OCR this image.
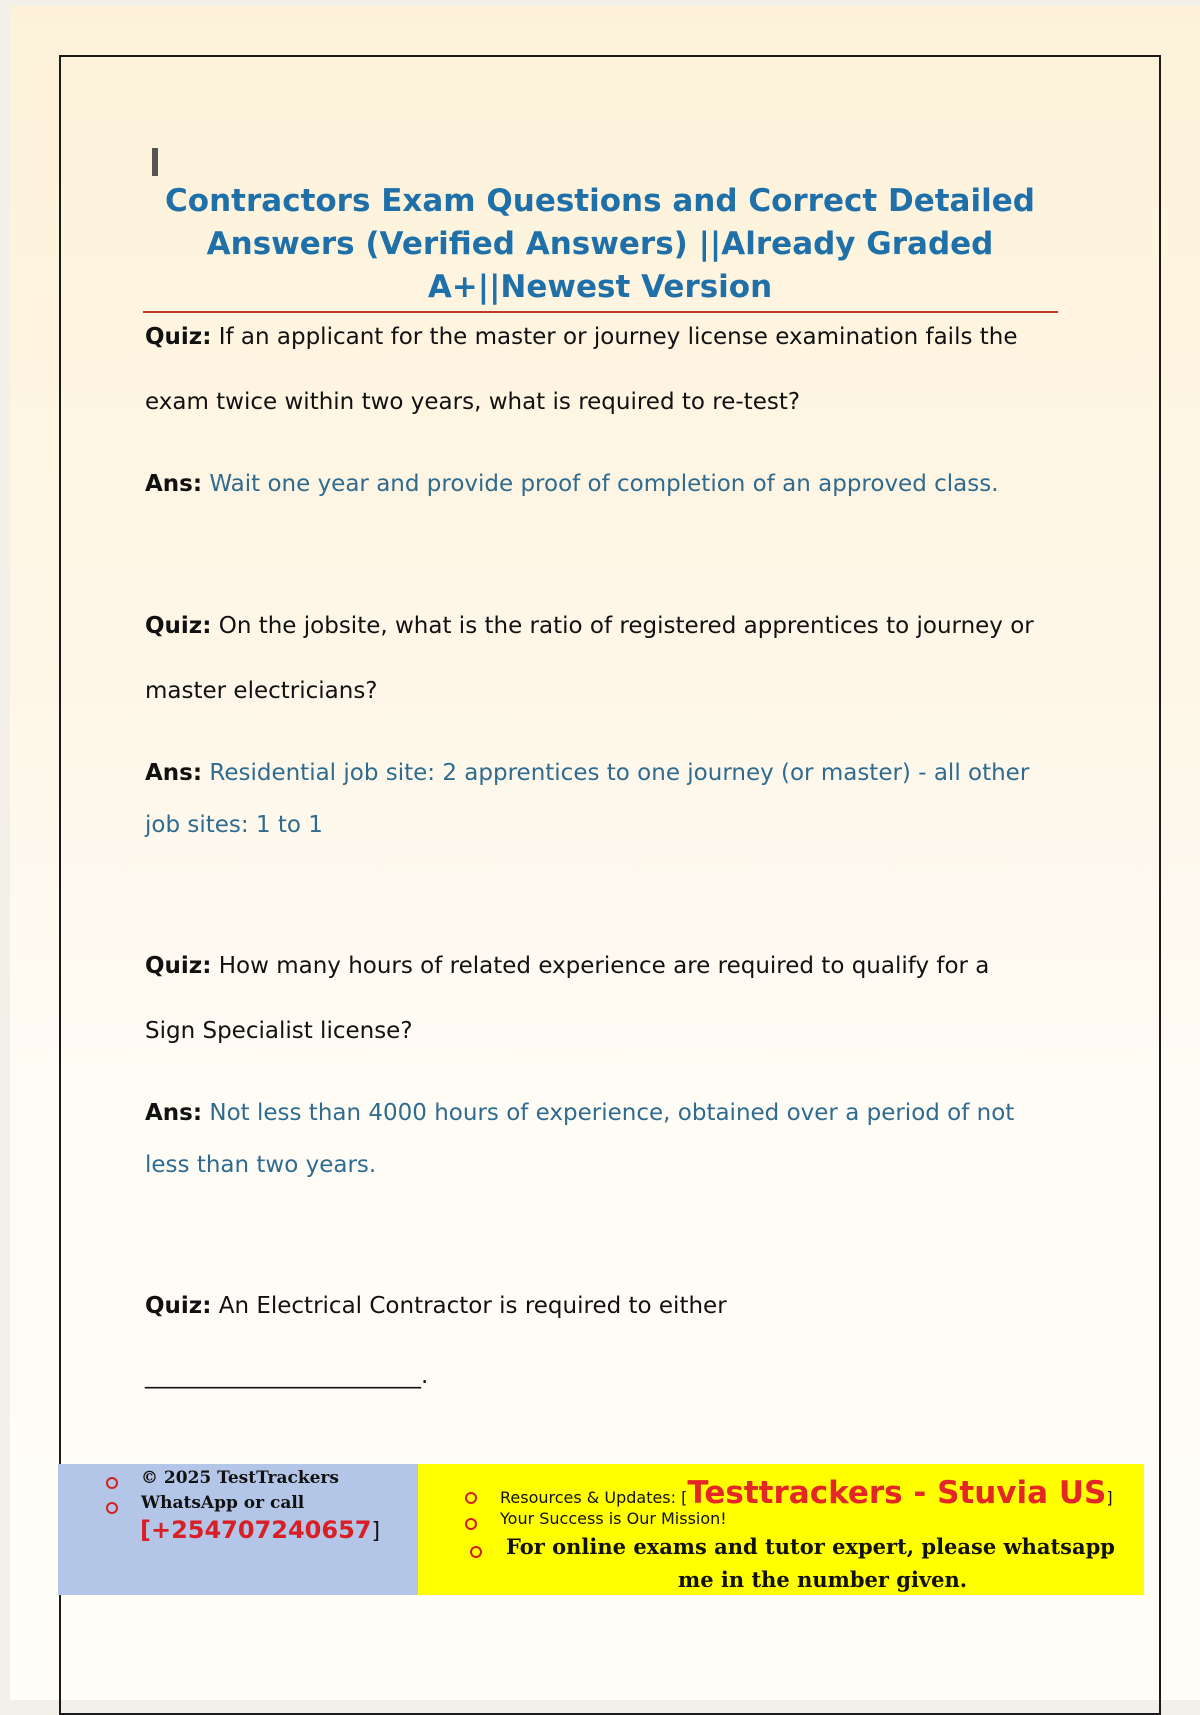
Contractors Exam Questions and Correct Detailed Answers (Verified Answers) ||Already Graded A+||Newest Version

Quiz: If an applicant for the master or journey license examination fails the exam twice within two years, what is required to re-test?

Ans: Wait one year and provide proof of completion of an approved class.

Quiz: On the jobsite, what is the ratio of registered apprentices to journey or master electricians?

Ans: Residential job site: 2 apprentices to one journey (or master) - all other job sites: 1 to 1

Quiz: How many hours of related experience are required to qualify for a Sign Specialist license?

Ans: Not less than 4000 hours of experience, obtained over a period of not less than two years.

Quiz: An Electrical Contractor is required to either

________________________.

© 2025 TestTrackers

WhatsApp or call

[+254707240657]

Resources & Updates: [Testtrackers - Stuvia US]

Your Success is Our Mission!

For online exams and tutor expert, please whatsapp

me in the number given.
